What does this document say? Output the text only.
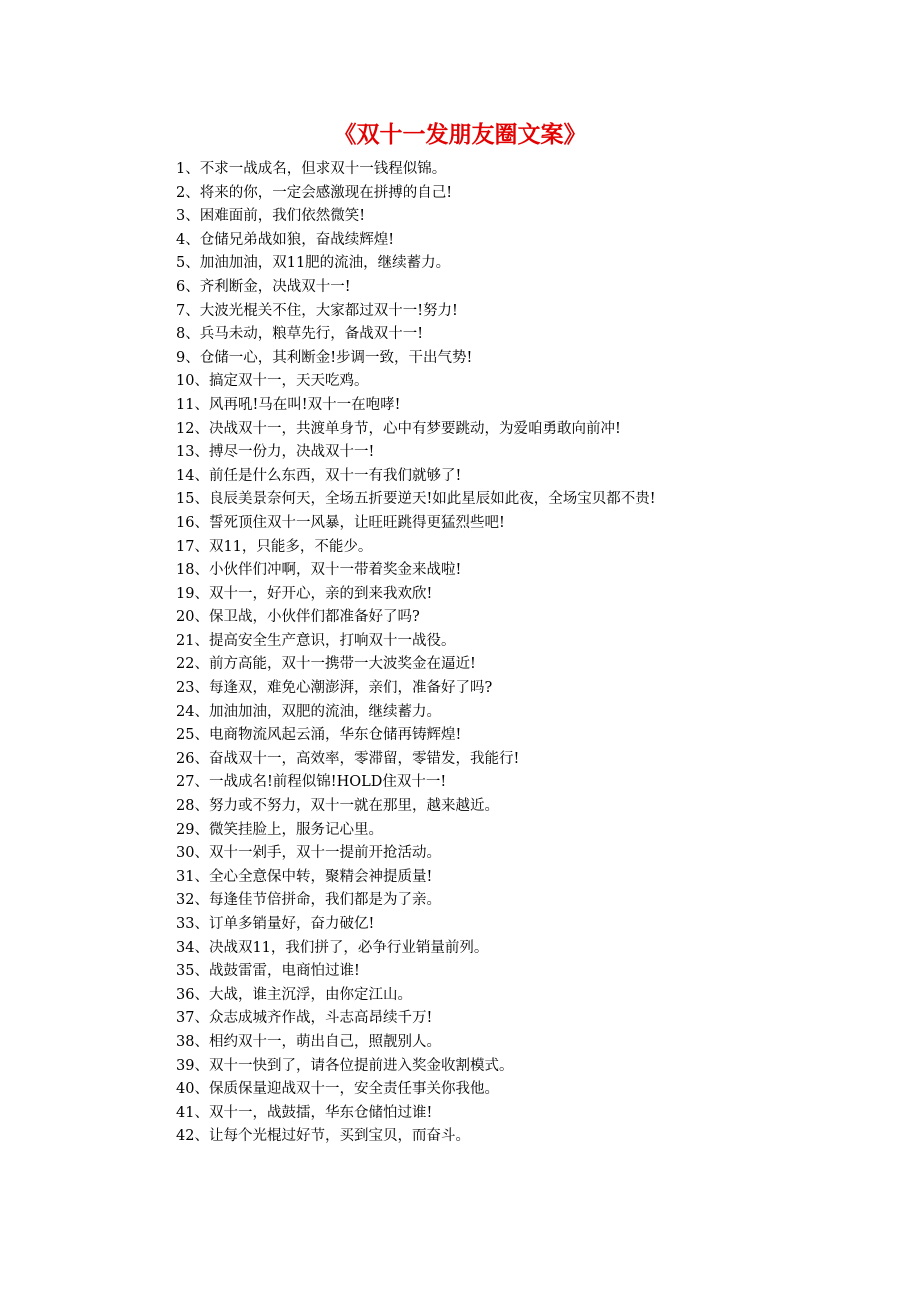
《双十一发朋友圈文案》
1、不求一战成名，但求双十一钱程似锦。
2、将来的你，一定会感激现在拼搏的自己!
3、困难面前，我们依然微笑!
4、仓储兄弟战如狼，奋战续辉煌!
5、加油加油，双11肥的流油，继续蓄力。
6、齐利断金，决战双十一!
7、大波光棍关不住，大家都过双十一!努力!
8、兵马未动，粮草先行，备战双十一!
9、仓储一心，其利断金!步调一致，干出气势!
10、搞定双十一，天天吃鸡。
11、风再吼!马在叫!双十一在咆哮!
12、决战双十一，共渡单身节，心中有梦要跳动，为爱咱勇敢向前冲!
13、搏尽一份力，决战双十一!
14、前任是什么东西，双十一有我们就够了!
15、良辰美景奈何天，全场五折要逆天!如此星辰如此夜，全场宝贝都不贵!
16、誓死顶住双十一风暴，让旺旺跳得更猛烈些吧!
17、双11，只能多，不能少。
18、小伙伴们冲啊，双十一带着奖金来战啦!
19、双十一，好开心，亲的到来我欢欣!
20、保卫战，小伙伴们都准备好了吗?
21、提高安全生产意识，打响双十一战役。
22、前方高能，双十一携带一大波奖金在逼近!
23、每逢双，难免心潮澎湃，亲们，准备好了吗?
24、加油加油，双肥的流油，继续蓄力。
25、电商物流风起云涌，华东仓储再铸辉煌!
26、奋战双十一，高效率，零滞留，零错发，我能行!
27、一战成名!前程似锦!HOLD住双十一!
28、努力或不努力，双十一就在那里，越来越近。
29、微笑挂脸上，服务记心里。
30、双十一剁手，双十一提前开抢活动。
31、全心全意保中转，聚精会神提质量!
32、每逢佳节倍拼命，我们都是为了亲。
33、订单多销量好，奋力破亿!
34、决战双11，我们拼了，必争行业销量前列。
35、战鼓雷雷，电商怕过谁!
36、大战，谁主沉浮，由你定江山。
37、众志成城齐作战，斗志高昂续千万!
38、相约双十一，萌出自己，照靓别人。
39、双十一快到了，请各位提前进入奖金收割模式。
40、保质保量迎战双十一，安全责任事关你我他。
41、双十一，战鼓擂，华东仓储怕过谁!
42、让每个光棍过好节，买到宝贝，而奋斗。
